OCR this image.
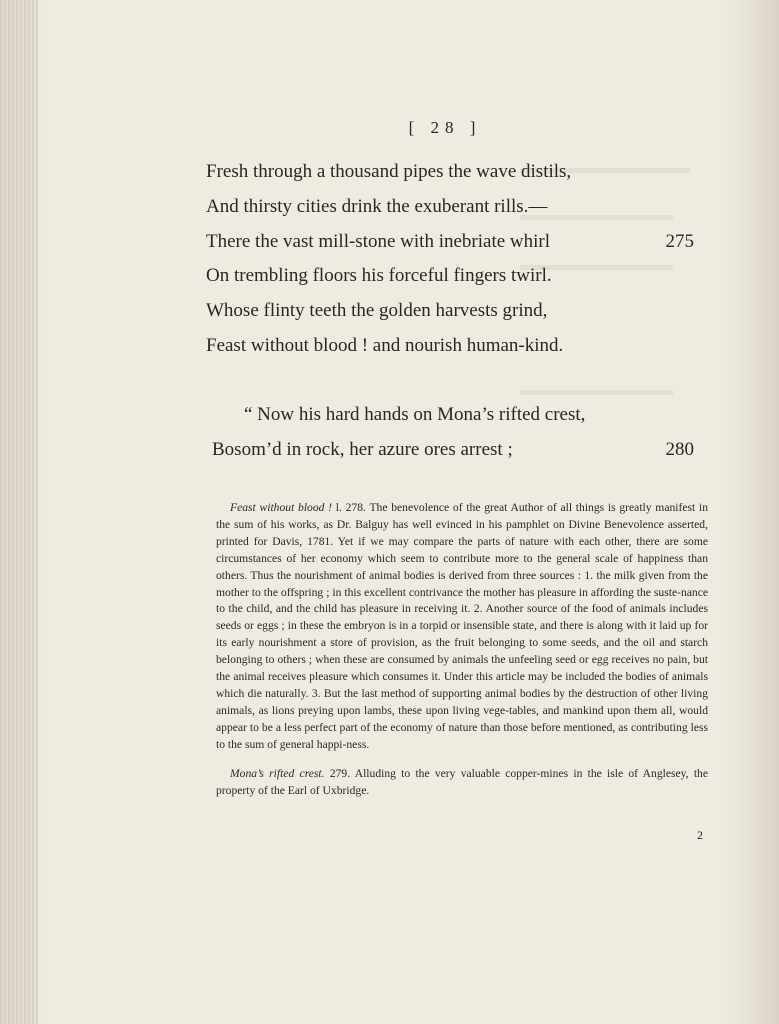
▬▬▬▬▬▬▬▬▬▬
▬▬▬▬▬▬▬▬▬
▬▬▬▬▬▬▬▬▬
▬▬▬▬▬▬▬▬▬
[ 28 ]
Fresh through a thousand pipes the wave distils,
And thirsty cities drink the exuberant rills.—
There the vast mill-stone with inebriate whirl	275
On trembling floors his forceful fingers twirl.
Whose flinty teeth the golden harvests grind,
Feast without blood ! and nourish human-kind.
“ Now his hard hands on Mona’s rifted crest,
Bosom’d in rock, her azure ores arrest ;	280

Feast without blood ! l. 278. The benevolence of the great Author of all things is greatly manifest in the sum of his works, as Dr. Balguy has well evinced in his pamphlet on Divine Benevolence asserted, printed for Davis, 1781. Yet if we may compare the parts of nature with each other, there are some circumstances of her economy which seem to contribute more to the general scale of happiness than others. Thus the nourishment of animal bodies is derived from three sources : 1. the milk given from the mother to the offspring ; in this excellent contrivance the mother has pleasure in affording the suste-nance to the child, and the child has pleasure in receiving it. 2. Another source of the food of animals includes seeds or eggs ; in these the embryon is in a torpid or insensible state, and there is along with it laid up for its early nourishment a store of provision, as the fruit belonging to some seeds, and the oil and starch belonging to others ; when these are consumed by animals the unfeeling seed or egg receives no pain, but the animal receives pleasure which consumes it. Under this article may be included the bodies of animals which die naturally. 3. But the last method of supporting animal bodies by the destruction of other living animals, as lions preying upon lambs, these upon living vege-tables, and mankind upon them all, would appear to be a less perfect part of the economy of nature than those before mentioned, as contributing less to the sum of general happi-ness.

Mona’s rifted crest. 279. Alluding to the very valuable copper-mines in the isle of Anglesey, the property of the Earl of Uxbridge.

2
